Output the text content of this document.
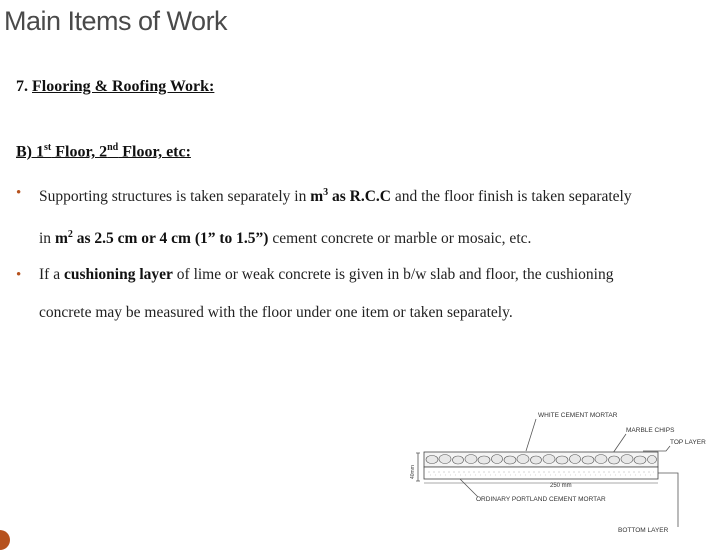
Main Items of Work
7. Flooring & Roofing Work:
B) 1st Floor, 2nd Floor, etc:
• Supporting structures is taken separately in $m^3$ as R.C.C and the floor finish is taken separately
in $m^2$ as 2.5 cm or 4 cm (1” to 1.5”) cement concrete or marble or mosaic, etc.
• If a cushioning layer of lime or weak concrete is given in b/w slab and floor, the cushioning
concrete may be measured with the floor under one item or taken separately.
WHITE CEMENT MORTAR
MARBLE CHIPS
TOP LAYER
250 mm
ORDINARY PORTLAND CEMENT MORTAR
BOTTOM LAYER
40mm
